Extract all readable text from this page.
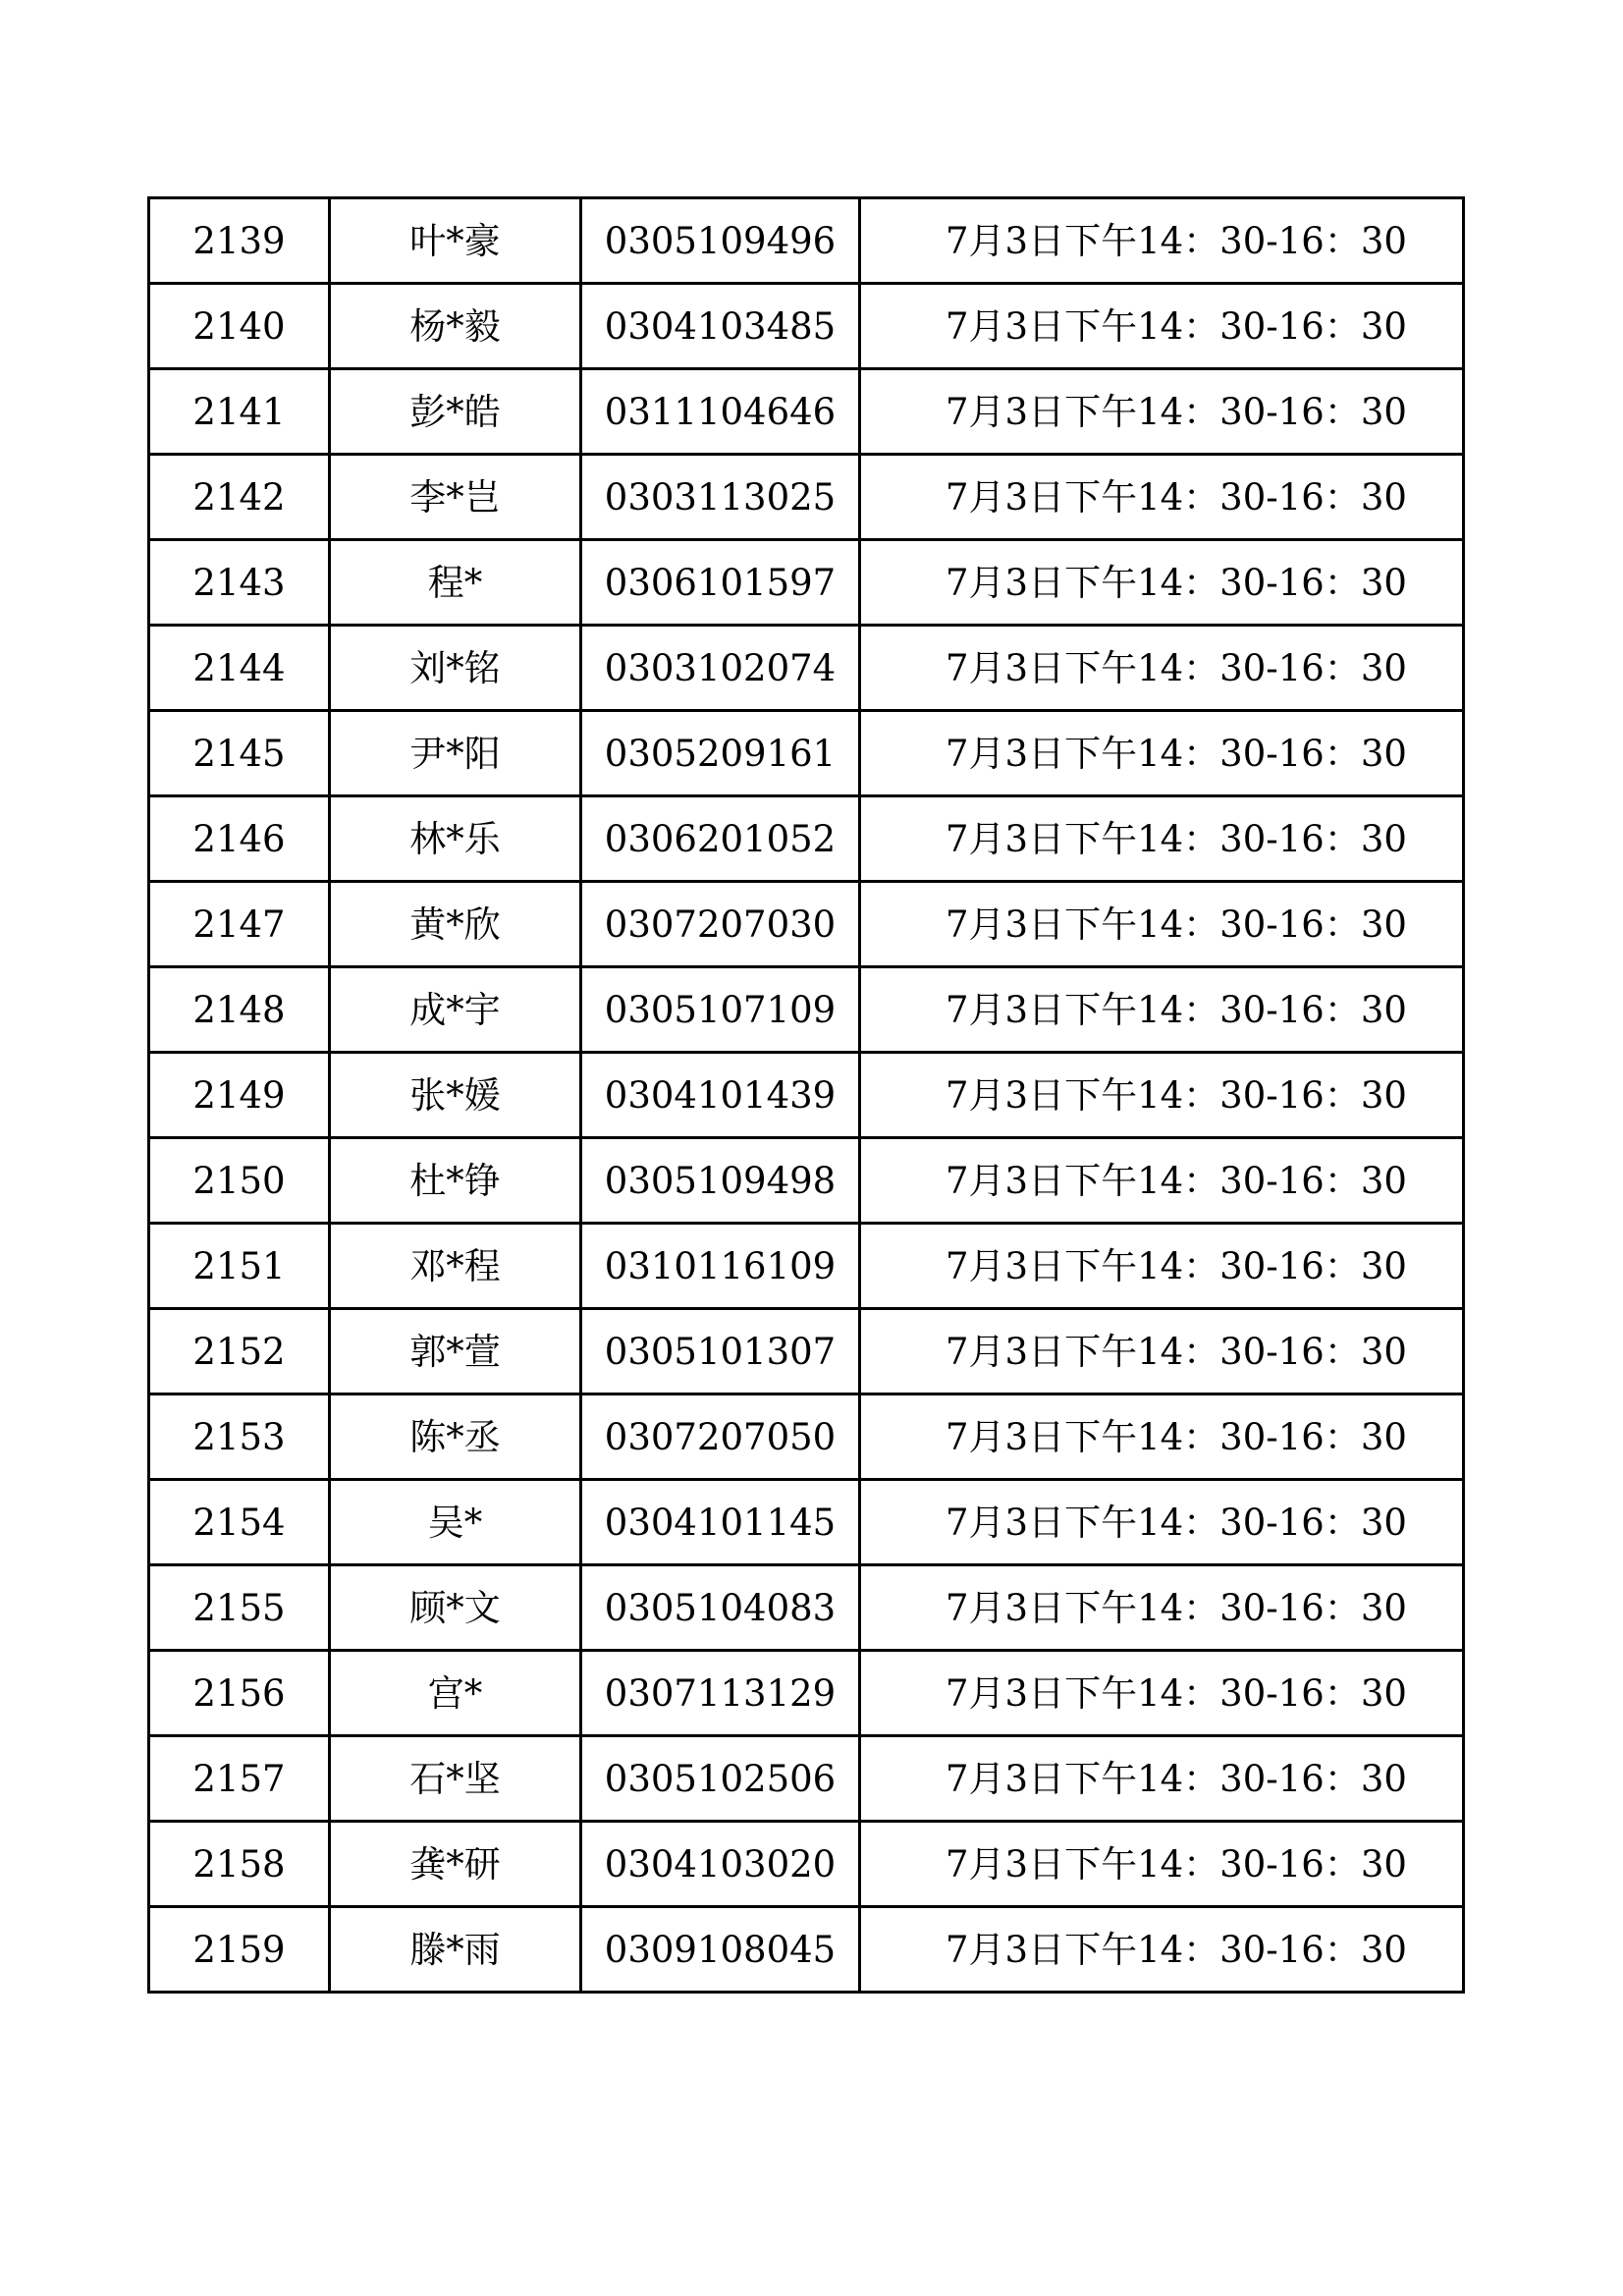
2139	叶*豪	0305109496	7月3日下午14：30-16：30
2140	杨*毅	0304103485	7月3日下午14：30-16：30
2141	彭*皓	0311104646	7月3日下午14：30-16：30
2142	李*岂	0303113025	7月3日下午14：30-16：30
2143	程*	0306101597	7月3日下午14：30-16：30
2144	刘*铭	0303102074	7月3日下午14：30-16：30
2145	尹*阳	0305209161	7月3日下午14：30-16：30
2146	林*乐	0306201052	7月3日下午14：30-16：30
2147	黄*欣	0307207030	7月3日下午14：30-16：30
2148	成*宇	0305107109	7月3日下午14：30-16：30
2149	张*媛	0304101439	7月3日下午14：30-16：30
2150	杜*铮	0305109498	7月3日下午14：30-16：30
2151	邓*程	0310116109	7月3日下午14：30-16：30
2152	郭*萱	0305101307	7月3日下午14：30-16：30
2153	陈*丞	0307207050	7月3日下午14：30-16：30
2154	吴*	0304101145	7月3日下午14：30-16：30
2155	顾*文	0305104083	7月3日下午14：30-16：30
2156	宫*	0307113129	7月3日下午14：30-16：30
2157	石*坚	0305102506	7月3日下午14：30-16：30
2158	龚*研	0304103020	7月3日下午14：30-16：30
2159	滕*雨	0309108045	7月3日下午14：30-16：30
